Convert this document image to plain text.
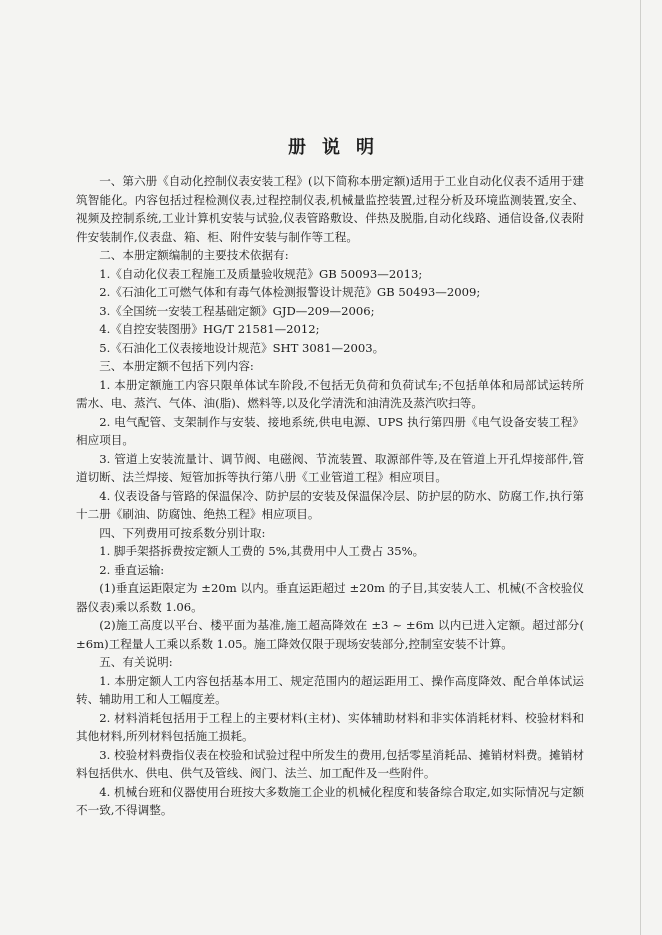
册说明

一、第六册《自动化控制仪表安装工程》(以下简称本册定额)适用于工业自动化仪表不适用于建筑智能化。内容包括过程检测仪表,过程控制仪表,机械量监控装置,过程分析及环境监测装置,安全、视频及控制系统,工业计算机安装与试验,仪表管路敷设、伴热及脱脂,自动化线路、通信设备,仪表附件安装制作,仪表盘、箱、柜、附件安装与制作等工程。

二、本册定额编制的主要技术依据有:

1.《自动化仪表工程施工及质量验收规范》GB 50093—2013;

2.《石油化工可燃气体和有毒气体检测报警设计规范》GB 50493—2009;

3.《全国统一安装工程基础定额》GJD—209—2006;

4.《自控安装图册》HG/T 21581—2012;

5.《石油化工仪表接地设计规范》SHT 3081—2003。

三、本册定额不包括下列内容:

1. 本册定额施工内容只限单体试车阶段,不包括无负荷和负荷试车;不包括单体和局部试运转所需水、电、蒸汽、气体、油(脂)、燃料等,以及化学清洗和油清洗及蒸汽吹扫等。

2. 电气配管、支架制作与安装、接地系统,供电电源、UPS 执行第四册《电气设备安装工程》相应项目。

3. 管道上安装流量计、调节阀、电磁阀、节流装置、取源部件等,及在管道上开孔焊接部件,管道切断、法兰焊接、短管加拆等执行第八册《工业管道工程》相应项目。

4. 仪表设备与管路的保温保冷、防护层的安装及保温保冷层、防护层的防水、防腐工作,执行第十二册《刷油、防腐蚀、绝热工程》相应项目。

四、下列费用可按系数分别计取:

1. 脚手架搭拆费按定额人工费的 5%,其费用中人工费占 35%。

2. 垂直运输:

(1)垂直运距限定为 ±20m 以内。垂直运距超过 ±20m 的子目,其安装人工、机械(不含校验仪器仪表)乘以系数 1.06。

(2)施工高度以平台、楼平面为基准,施工超高降效在 ±3 ~ ±6m 以内已进入定额。超过部分( ±6m)工程量人工乘以系数 1.05。施工降效仅限于现场安装部分,控制室安装不计算。

五、有关说明:

1. 本册定额人工内容包括基本用工、规定范围内的超运距用工、操作高度降效、配合单体试运转、辅助用工和人工幅度差。

2. 材料消耗包括用于工程上的主要材料(主材)、实体辅助材料和非实体消耗材料、校验材料和其他材料,所列材料包括施工损耗。

3. 校验材料费指仪表在校验和试验过程中所发生的费用,包括零星消耗品、摊销材料费。摊销材料包括供水、供电、供气及管线、阀门、法兰、加工配件及一些附件。

4. 机械台班和仪器使用台班按大多数施工企业的机械化程度和装备综合取定,如实际情况与定额不一致,不得调整。
